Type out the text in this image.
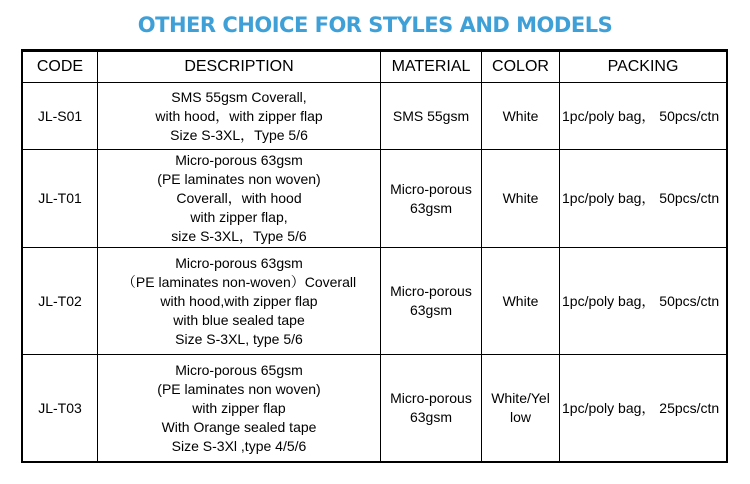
OTHER CHOICE FOR STYLES AND MODELS
CODE	DESCRIPTION	MATERIAL	COLOR	PACKING
JL-S01	SMS 55gsm Coverall,
with hood，with zipper flap
Size S-3XL，Type 5/6	SMS 55gsm	White	1pc/poly bag， 50pcs/ctn
JL-T01	Micro-porous 63gsm
(PE laminates non woven)
Coverall，with hood
with zipper flap,
size S-3XL，Type 5/6	Micro-porous
63gsm	White	1pc/poly bag， 50pcs/ctn
JL-T02	Micro-porous 63gsm
（PE laminates non-woven）Coverall
with hood,with zipper flap
with blue sealed tape
Size S-3XL, type 5/6	Micro-porous
63gsm	White	1pc/poly bag， 50pcs/ctn
JL-T03	Micro-porous 65gsm
(PE laminates non woven)
with zipper flap
With Orange sealed tape
Size S-3Xl ,type 4/5/6	Micro-porous
63gsm	White/Yel
low	1pc/poly bag， 25pcs/ctn
